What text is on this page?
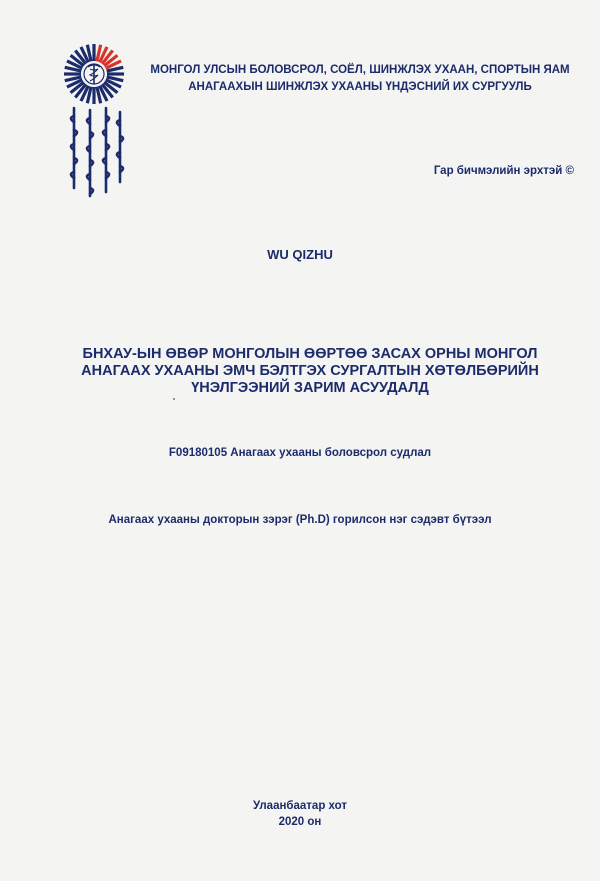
МОНГОЛ УЛСЫН БОЛОВСРОЛ, СОЁЛ, ШИНЖЛЭХ УХААН, СПОРТЫН ЯАМ
АНАГААХЫН ШИНЖЛЭХ УХААНЫ ҮНДЭСНИЙ ИХ СУРГУУЛЬ
Гар бичмэлийн эрхтэй ©
WU QIZHU
БНХАУ-ЫН ӨВӨР МОНГОЛЫН ӨӨРТӨӨ ЗАСАХ ОРНЫ МОНГОЛ
АНАГААХ УХААНЫ ЭМЧ БЭЛТГЭХ СУРГАЛТЫН ХӨТӨЛБӨРИЙН
ҮНЭЛГЭЭНИЙ ЗАРИМ АСУУДАЛД
F09180105 Анагаах ухааны боловсрол судлал
Анагаах ухааны докторын зэрэг (Ph.D) горилсон нэг сэдэвт бүтээл
Улаанбаатар хот
2020 он
